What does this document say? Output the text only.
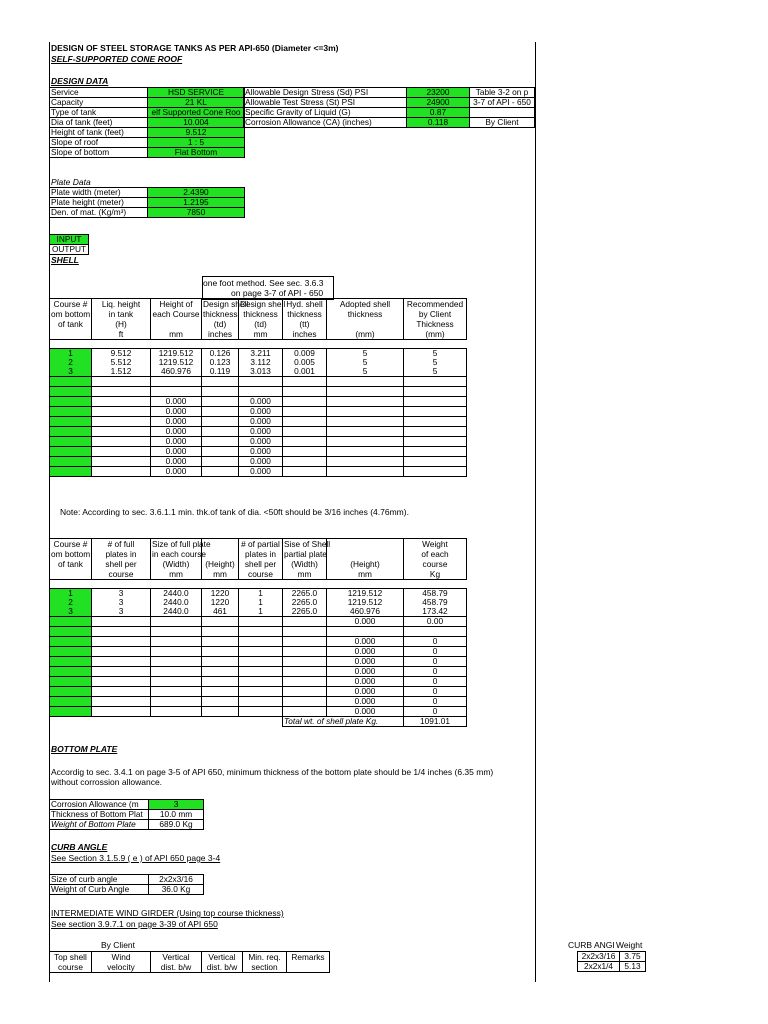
DESIGN OF STEEL STORAGE TANKS AS PER API-650 (Diameter <=3m)
SELF-SUPPORTED CONE ROOF
DESIGN DATA
Service	HSD SERVICE
Capacity	21 KL
Type of tank	elf Supported Cone Roo
Dia of tank (feet)	10.004
Height of tank (feet)	9.512
Slope of roof	1 : 5
Slope of bottom	Flat Bottom
Allowable Design Stress (Sd) PSI	23200	Table 3-2 on p
Allowable Test Stress (St) PSI	24900	3-7 of API - 650
Specific Gravity of Liquid (G)	0.87	
Corrosion Allowance (CA) (inches)	0.118	By Client

Plate Data
Plate width (meter)	2.4390
Plate height (meter)	1.2195
Den. of mat. (Kg/m³)	7850
INPUT
OUTPUT
SHELL
one foot method. See sec. 3.6.3
on page 3-7 of API - 650
Course #	Liq. height	Height of	Design shell	Design shell	Hyd. shell	Adopted shell	Recommended
om bottom	in tank	each Course	thickness	thickness	thickness	thickness	by Client
of tank	(H)		(td)	(td)	(tt)		Thickness
	ft	mm	inches	mm	inches	(mm)	(mm)

1	9.512	1219.512	0.126	3.211	0.009	5	5
2	5.512	1219.512	0.123	3.112	0.005	5	5
3	1.512	460.976	0.119	3.013	0.001	5	5

		0.000		0.000			
		0.000		0.000			
		0.000		0.000			
		0.000		0.000			
		0.000		0.000			
		0.000		0.000			
		0.000		0.000			
		0.000		0.000			
Note: According to sec. 3.6.1.1 min. thk.of tank of dia. <50ft should be 3/16 inches (4.76mm).
Course #	# of full	Size of full plate		# of partial	Sise of Shell		Weight
om bottom	plates in	in each course		plates in	partial plate		of each
of tank	shell per	(Width)	(Height)	shell per	(Width)	(Height)	course
	course	mm	mm	course	mm	mm	Kg

1	3	2440.0	1220	1	2265.0	1219.512	458.79
2	3	2440.0	1220	1	2265.0	1219.512	458.79
3	3	2440.0	461	1	2265.0	460.976	173.42
						0.000	0.00

						0.000	0
						0.000	0
						0.000	0
						0.000	0
						0.000	0
						0.000	0
						0.000	0
						0.000	0
					Total wt. of shell plate Kg.		1091.01
BOTTOM PLATE
Accordig to sec. 3.4.1 on page 3-5 of API 650, minimum thickness of the bottom plate should be 1/4 inches (6.35 mm)
without corrossion allowance.
Corrosion Allowance (m	3
Thickness of Bottom Plat	10.0 mm
Weight of Bottom Plate	689.0 Kg
CURB ANGLE
See Section 3.1.5.9 ( e ) of API 650 page 3-4
Size of curb angle	2x2x3/16
Weight of Curb Angle	36.0 Kg
INTERMEDIATE WIND GIRDER (Using top course thickness)
See section 3.9.7.1 on page 3-39 of API 650
By Client
Top shell	Wind	Vertical	Vertical	Min. req.	Remarks
course	velocity	dist. b/w	dist. b/w	section	
CURB ANGI Weight
2x2x3/16	3.75
2x2x1/4	5.13
